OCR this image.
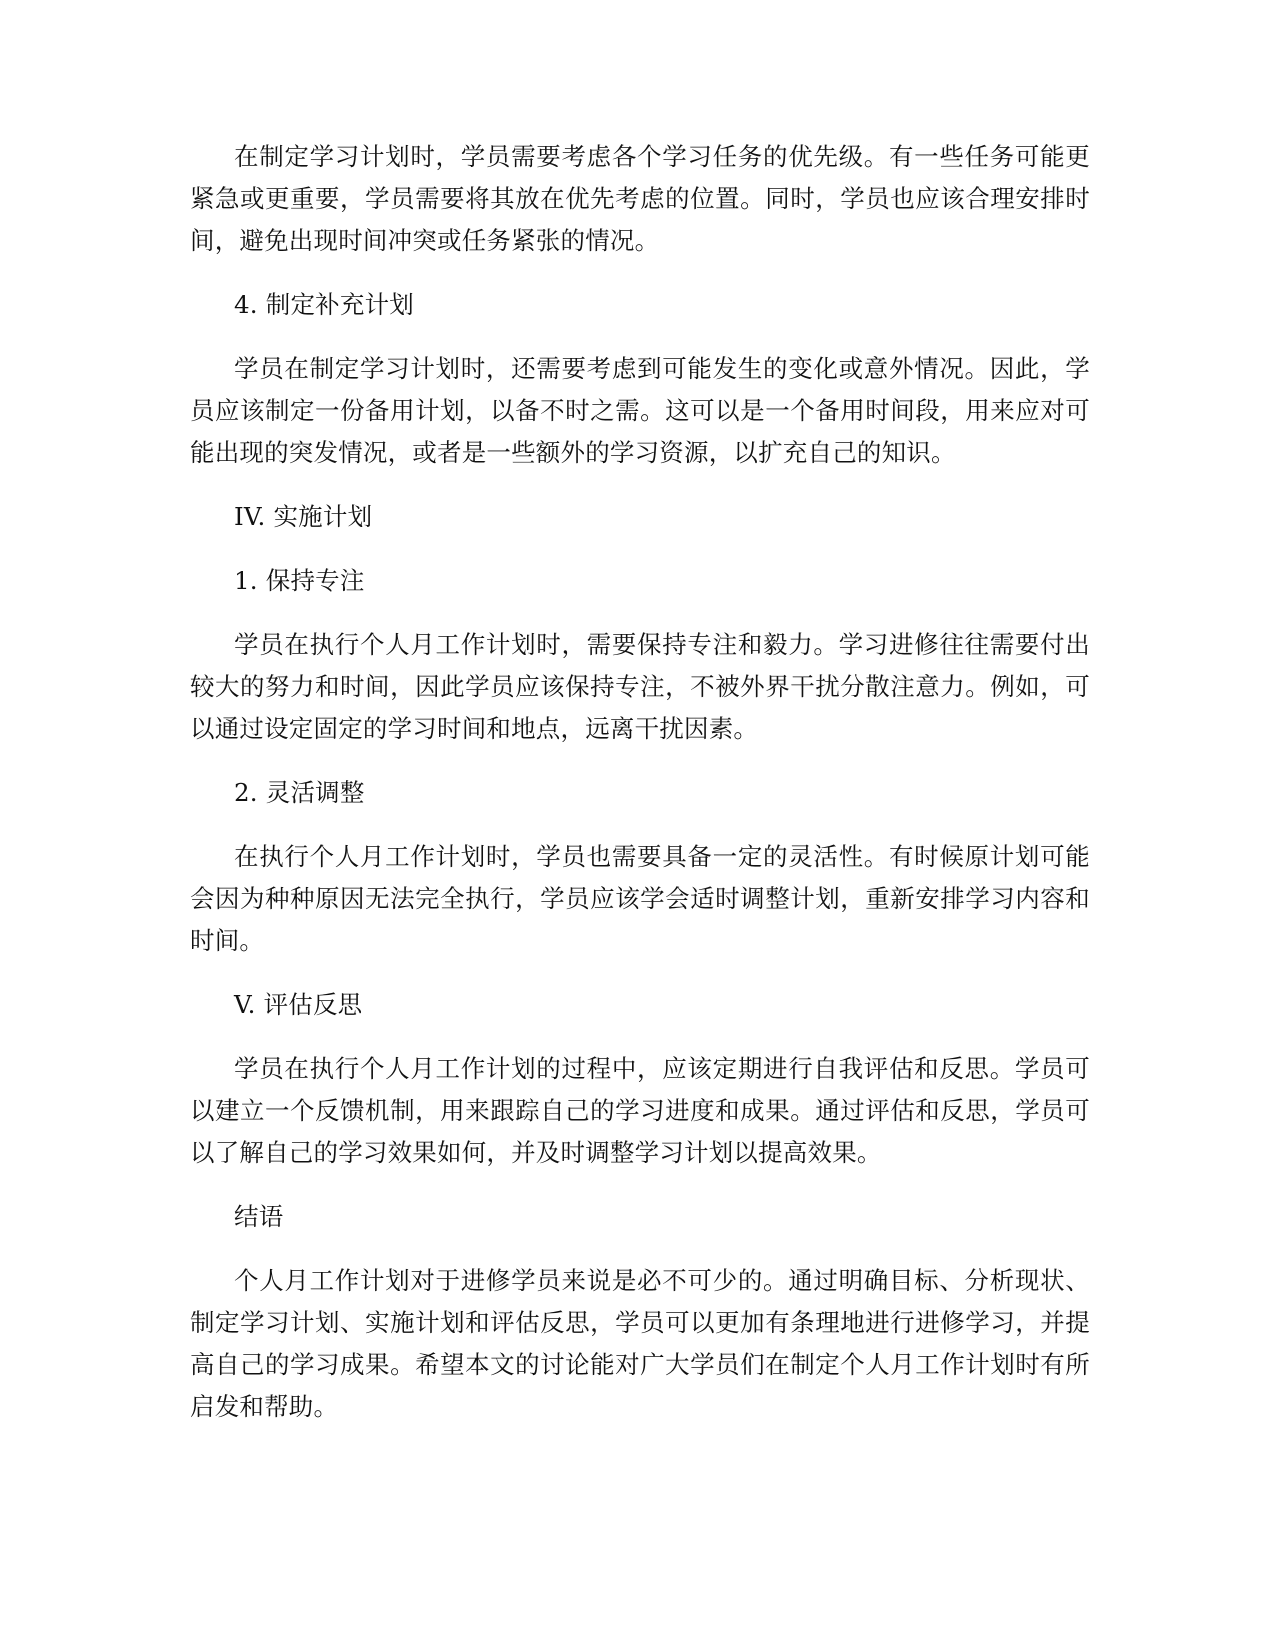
在制定学习计划时，学员需要考虑各个学习任务的优先级。有一些任务可能更紧急或更重要，学员需要将其放在优先考虑的位置。同时，学员也应该合理安排时间，避免出现时间冲突或任务紧张的情况。

4. 制定补充计划

学员在制定学习计划时，还需要考虑到可能发生的变化或意外情况。因此，学员应该制定一份备用计划，以备不时之需。这可以是一个备用时间段，用来应对可能出现的突发情况，或者是一些额外的学习资源，以扩充自己的知识。

IV. 实施计划

1. 保持专注

学员在执行个人月工作计划时，需要保持专注和毅力。学习进修往往需要付出较大的努力和时间，因此学员应该保持专注，不被外界干扰分散注意力。例如，可以通过设定固定的学习时间和地点，远离干扰因素。

2. 灵活调整

在执行个人月工作计划时，学员也需要具备一定的灵活性。有时候原计划可能会因为种种原因无法完全执行，学员应该学会适时调整计划，重新安排学习内容和时间。

V. 评估反思

学员在执行个人月工作计划的过程中，应该定期进行自我评估和反思。学员可以建立一个反馈机制，用来跟踪自己的学习进度和成果。通过评估和反思，学员可以了解自己的学习效果如何，并及时调整学习计划以提高效果。

结语

个人月工作计划对于进修学员来说是必不可少的。通过明确目标、分析现状、制定学习计划、实施计划和评估反思，学员可以更加有条理地进行进修学习，并提高自己的学习成果。希望本文的讨论能对广大学员们在制定个人月工作计划时有所启发和帮助。
